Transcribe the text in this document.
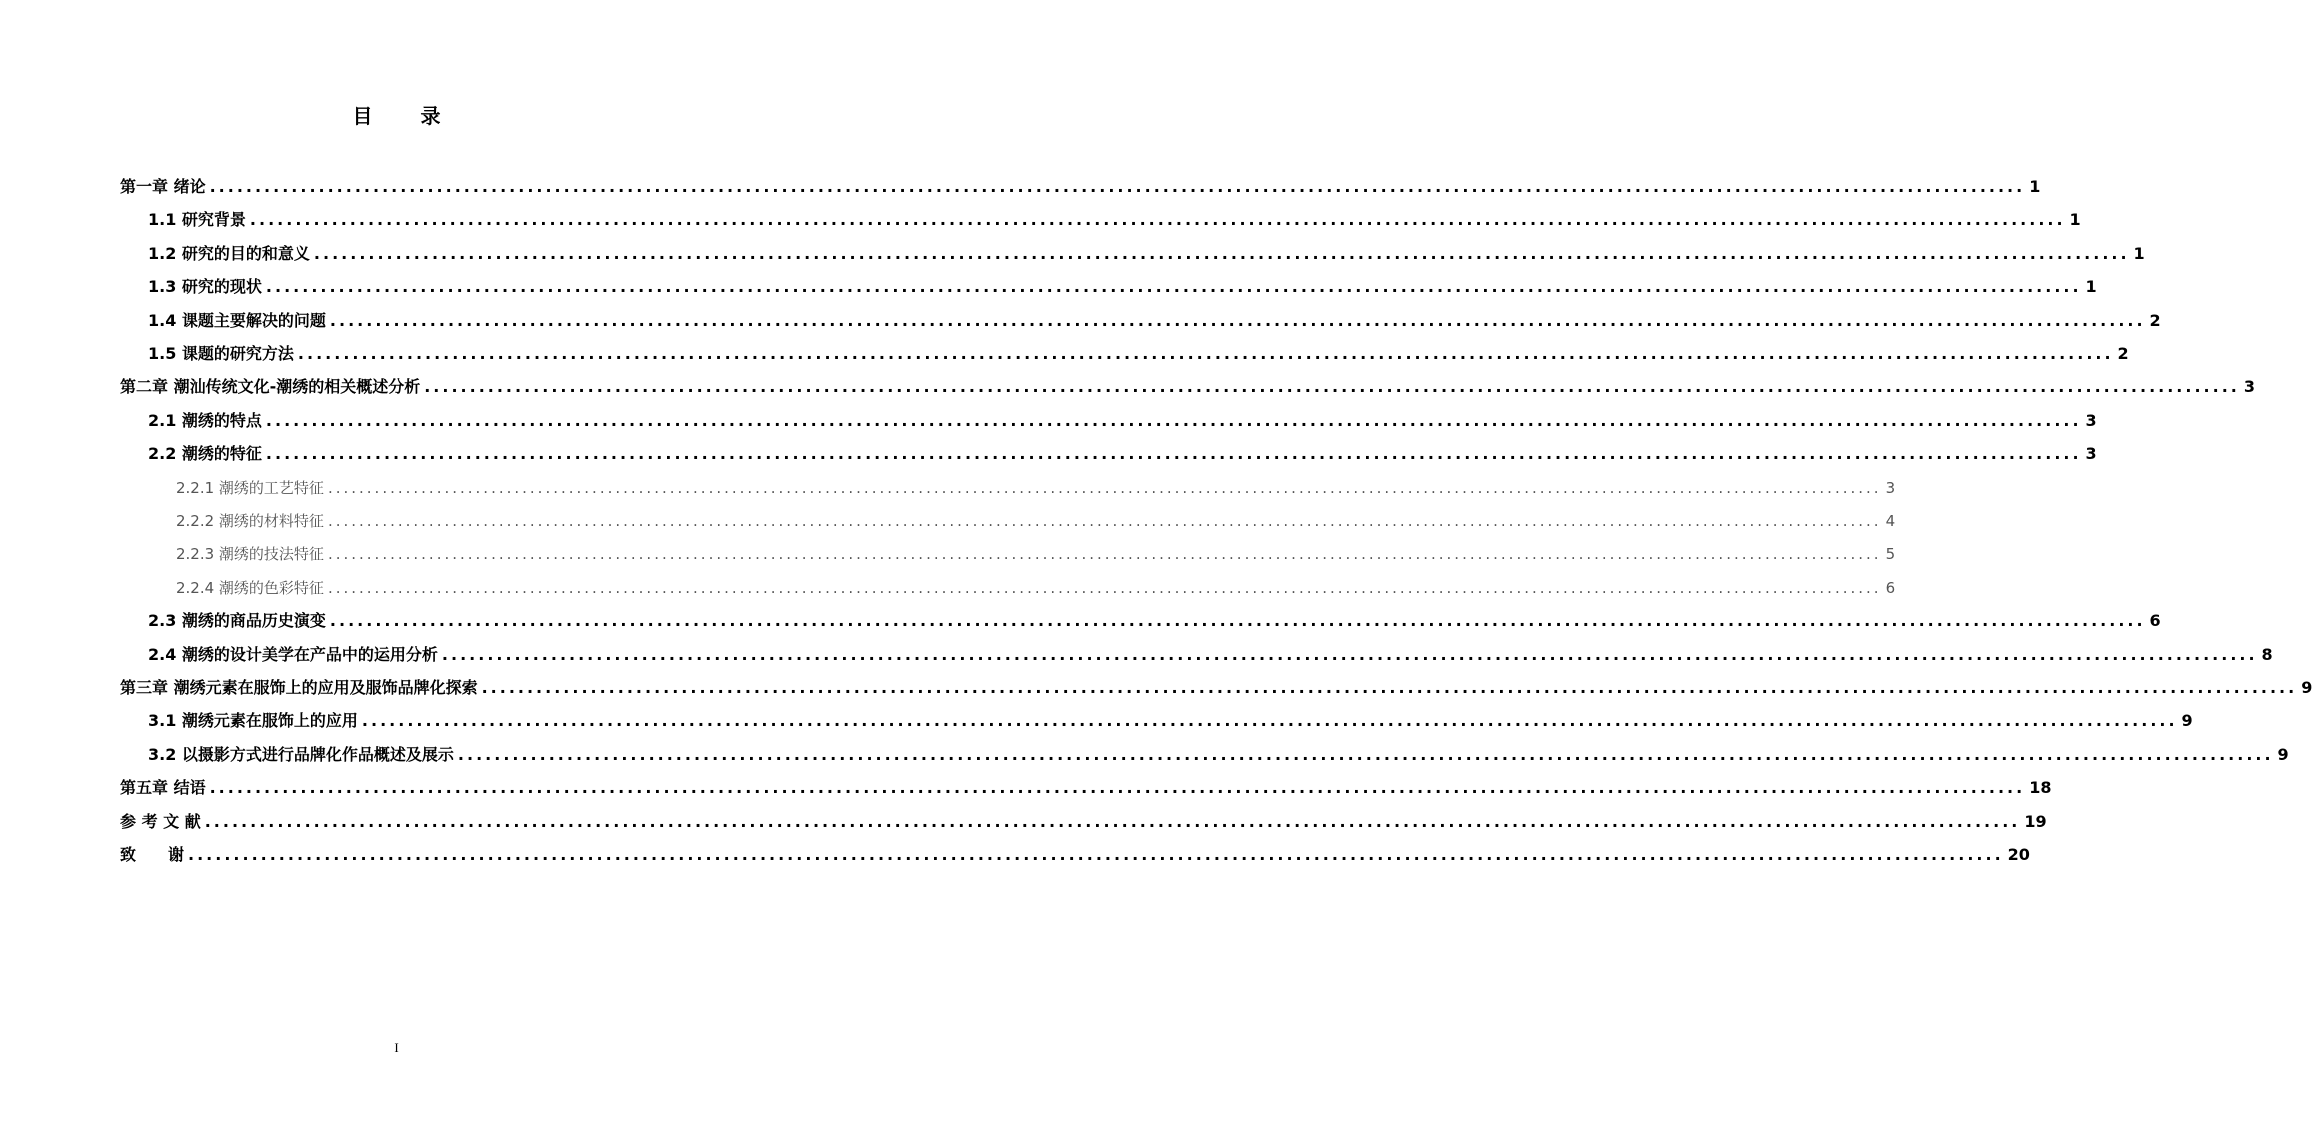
目　录
第一章 绪论 ........................................................................................................................................................................................................ 1
1.1 研究背景 ........................................................................................................................................................................................................ 1
1.2 研究的目的和意义 ........................................................................................................................................................................................................ 1
1.3 研究的现状 ........................................................................................................................................................................................................ 1
1.4 课题主要解决的问题 ........................................................................................................................................................................................................ 2
1.5 课题的研究方法 ........................................................................................................................................................................................................ 2
第二章 潮汕传统文化-潮绣的相关概述分析 ........................................................................................................................................................................................................ 3
2.1 潮绣的特点 ........................................................................................................................................................................................................ 3
2.2 潮绣的特征 ........................................................................................................................................................................................................ 3
2.2.1 潮绣的工艺特征 ........................................................................................................................................................................................................ 3
2.2.2 潮绣的材料特征 ........................................................................................................................................................................................................ 4
2.2.3 潮绣的技法特征 ........................................................................................................................................................................................................ 5
2.2.4 潮绣的色彩特征 ........................................................................................................................................................................................................ 6
2.3 潮绣的商品历史演变 ........................................................................................................................................................................................................ 6
2.4 潮绣的设计美学在产品中的运用分析 ........................................................................................................................................................................................................ 8
第三章 潮绣元素在服饰上的应用及服饰品牌化探索 ........................................................................................................................................................................................................ 9
3.1 潮绣元素在服饰上的应用 ........................................................................................................................................................................................................ 9
3.2 以摄影方式进行品牌化作品概述及展示 ........................................................................................................................................................................................................ 9
第五章 结语 ........................................................................................................................................................................................................ 18
参 考 文 献 ........................................................................................................................................................................................................ 19
致　　谢 ........................................................................................................................................................................................................ 20
I
